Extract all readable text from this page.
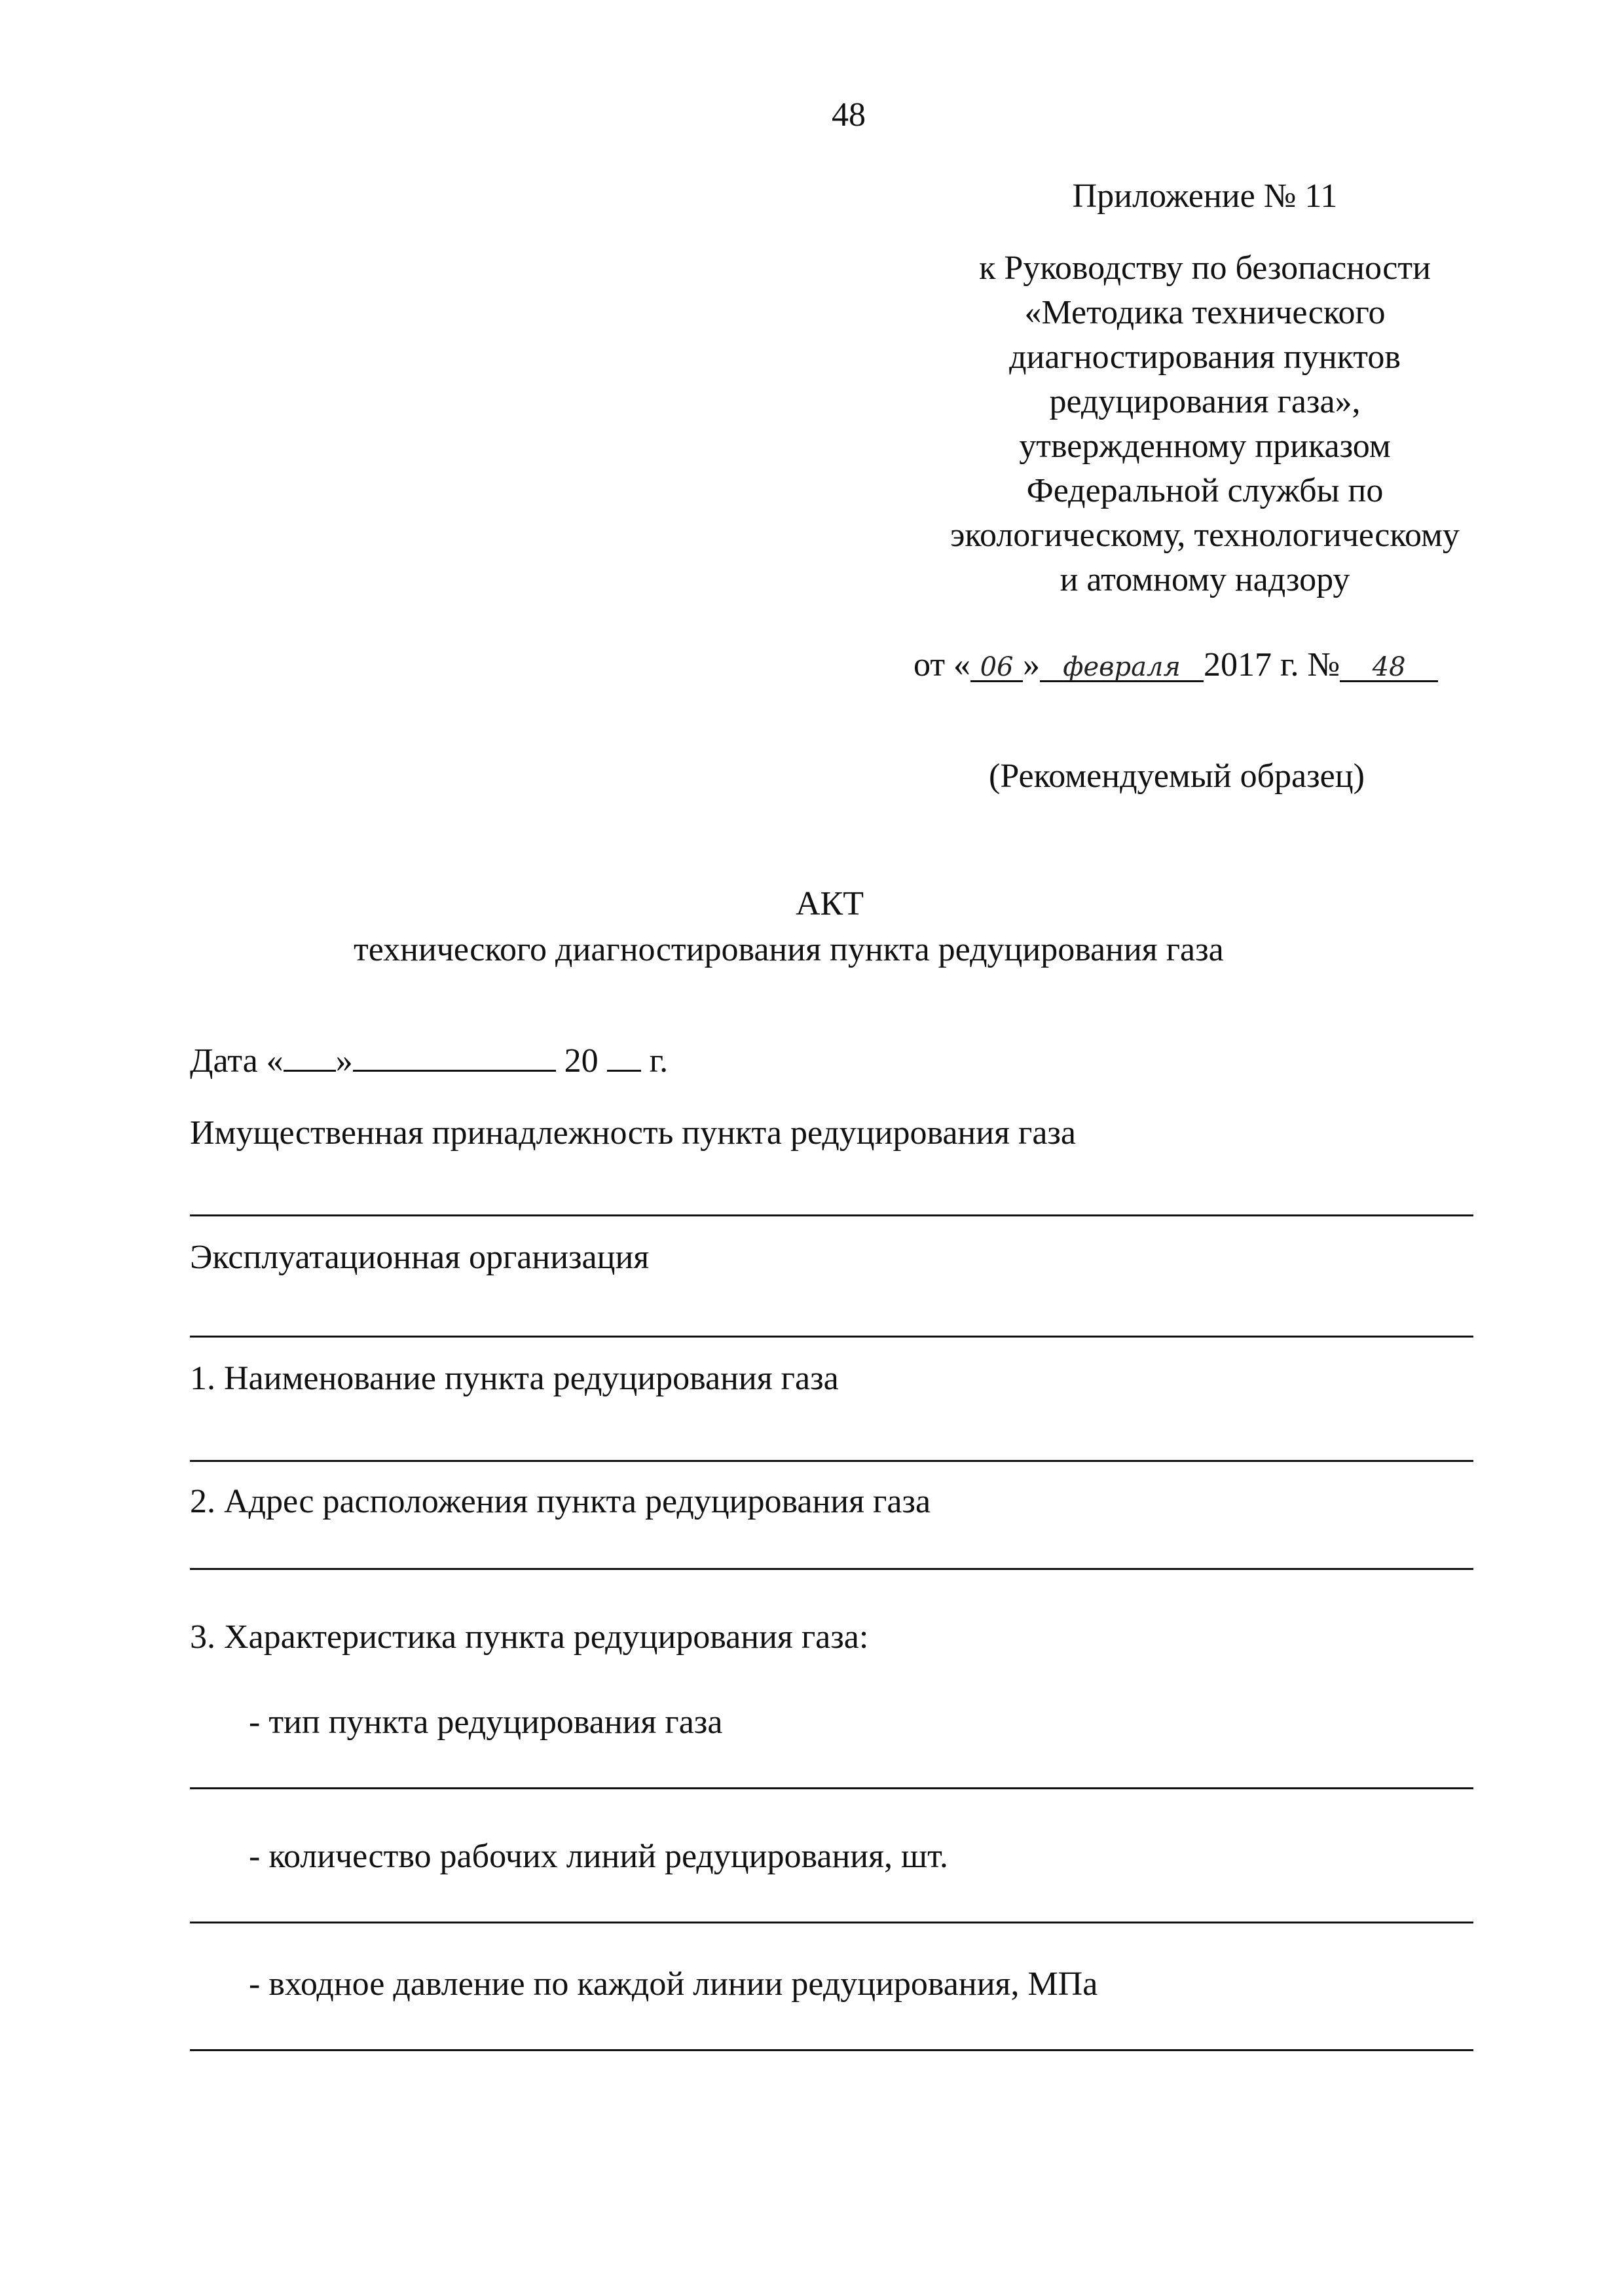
48
Приложение № 11
к Руководству по безопасности
«Методика технического
диагностирования пунктов
редуцирования газа»,
утвержденному приказом
Федеральной службы по
экологическому, технологическому
и атомному надзору
от « 06 » февраля 2017 г. № 48
(Рекомендуемый образец)
АКТ
технического диагностирования пункта редуцирования газа
Дата « »	20 г.
Имущественная принадлежность пункта редуцирования газа
Эксплуатационная организация
1. Наименование пункта редуцирования газа
2. Адрес расположения пункта редуцирования газа
3. Характеристика пункта редуцирования газа:
- тип пункта редуцирования газа
- количество рабочих линий редуцирования, шт.
- входное давление по каждой линии редуцирования, МПа
